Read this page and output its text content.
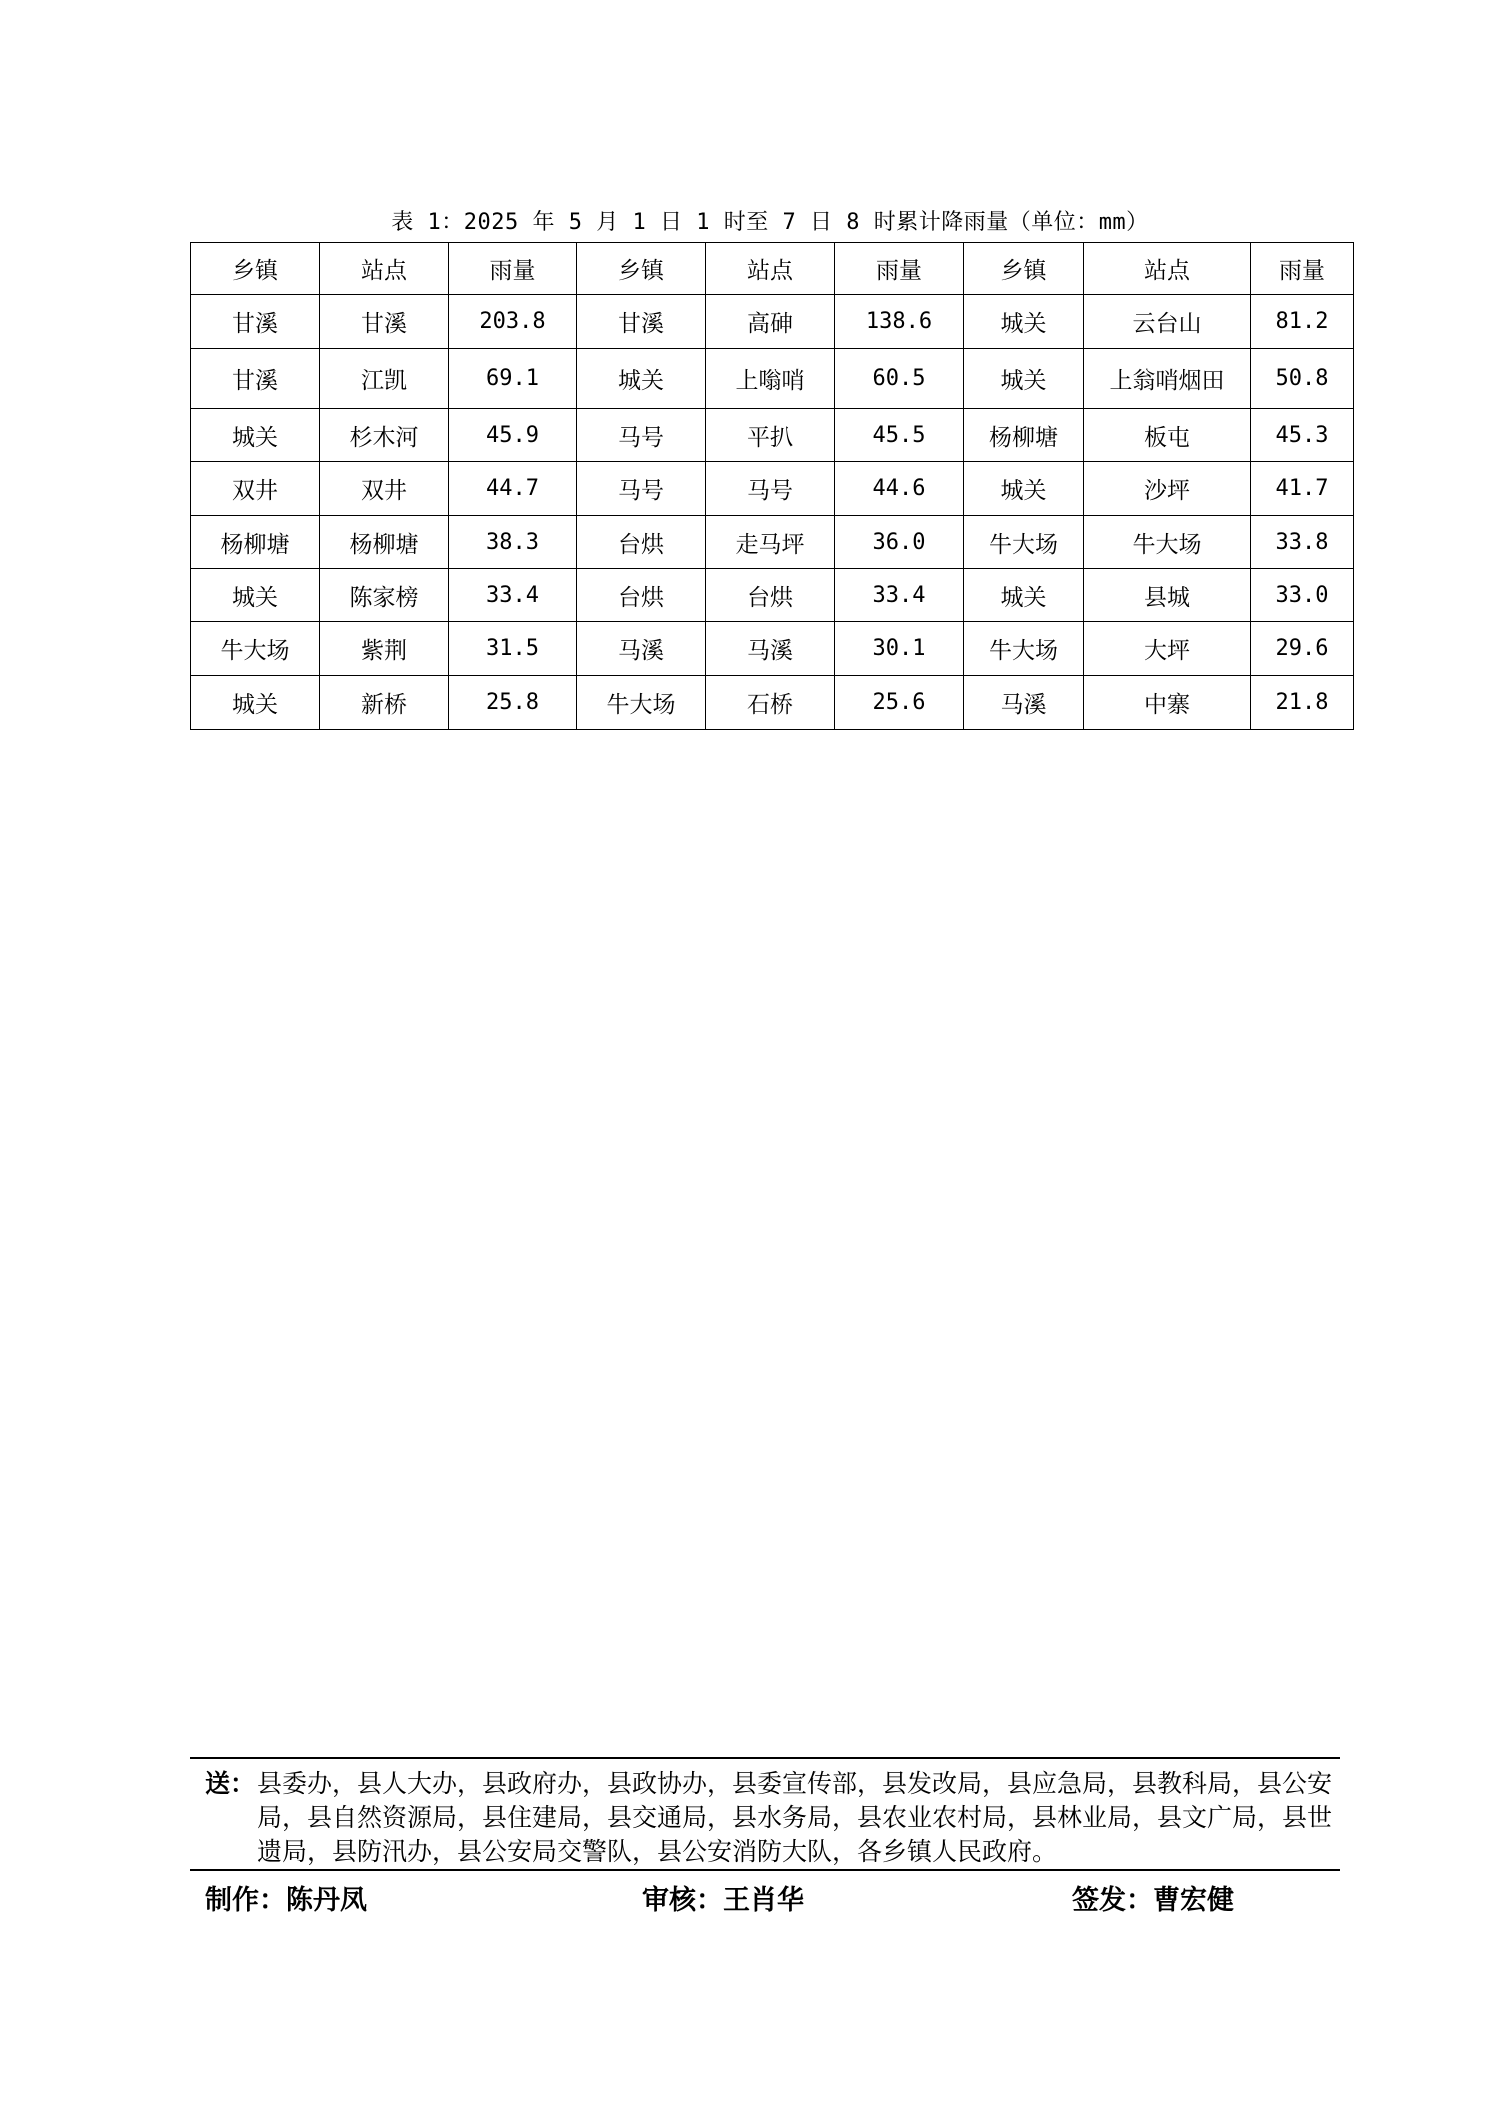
表 1：2025 年 5 月 1 日 1 时至 7 日 8 时累计降雨量（单位：mm）
乡镇	站点	雨量	乡镇	站点	雨量	乡镇	站点	雨量
甘溪	甘溪	203.8	甘溪	高砷	138.6	城关	云台山	81.2
甘溪	江凯	69.1	城关	上嗡哨	60.5	城关	上翁哨烟田	50.8
城关	杉木河	45.9	马号	平扒	45.5	杨柳塘	板屯	45.3
双井	双井	44.7	马号	马号	44.6	城关	沙坪	41.7
杨柳塘	杨柳塘	38.3	台烘	走马坪	36.0	牛大场	牛大场	33.8
城关	陈家榜	33.4	台烘	台烘	33.4	城关	县城	33.0
牛大场	紫荆	31.5	马溪	马溪	30.1	牛大场	大坪	29.6
城关	新桥	25.8	牛大场	石桥	25.6	马溪	中寨	21.8
送： 县委办，县人大办，县政府办，县政协办，县委宣传部，县发改局，县应急局，县教科局，县公安局，县自然资源局，县住建局，县交通局，县水务局，县农业农村局，县林业局，县文广局，县世遗局，县防汛办，县公安局交警队，县公安消防大队，各乡镇人民政府。
制作：陈丹凤	审核：王肖华	签发：曹宏健
